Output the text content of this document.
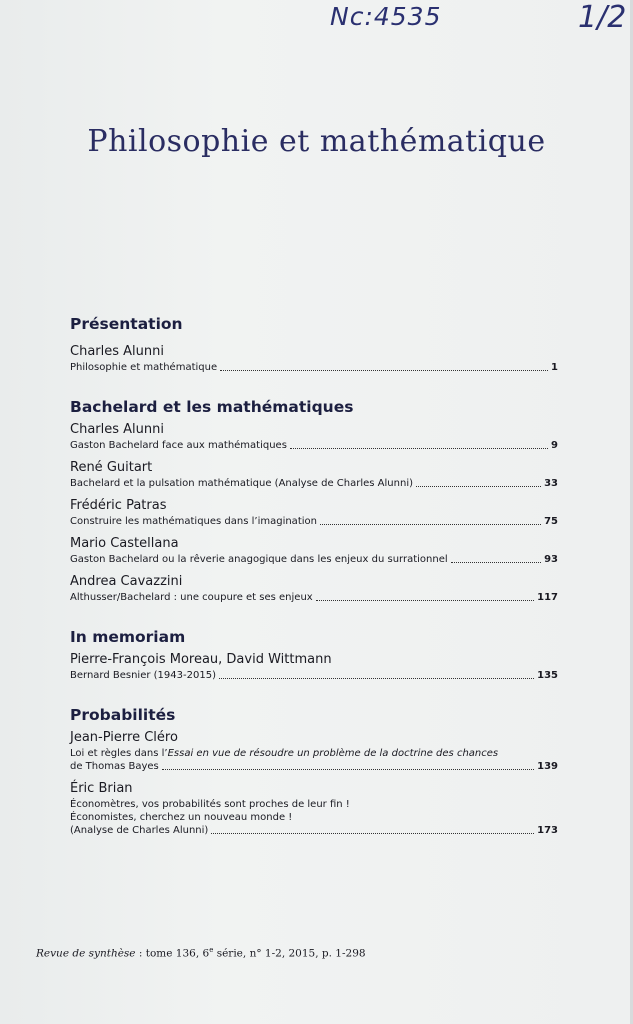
Nc:4535	1/2
Philosophie et mathématique

Présentation

Charles Alunni

Philosophie et mathématique	1

Bachelard et les mathématiques

Charles Alunni

Gaston Bachelard face aux mathématiques	9

René Guitart

Bachelard et la pulsation mathématique (Analyse de Charles Alunni)	33

Frédéric Patras

Construire les mathématiques dans l’imagination	75

Mario Castellana

Gaston Bachelard ou la rêverie anagogique dans les enjeux du surrationnel	93

Andrea Cavazzini

Althusser/Bachelard : une coupure et ses enjeux	117

In memoriam

Pierre-François Moreau, David Wittmann

Bernard Besnier (1943-2015)	135

Probabilités

Jean-Pierre Cléro

Loi et règles dans l’Essai en vue de résoudre un problème de la doctrine des chances

de Thomas Bayes	139

Éric Brian

Économètres, vos probabilités sont proches de leur fin !

Économistes, cherchez un nouveau monde !

(Analyse de Charles Alunni)	173
Revue de synthèse : tome 136, 6e série, n° 1-2, 2015, p. 1-298
